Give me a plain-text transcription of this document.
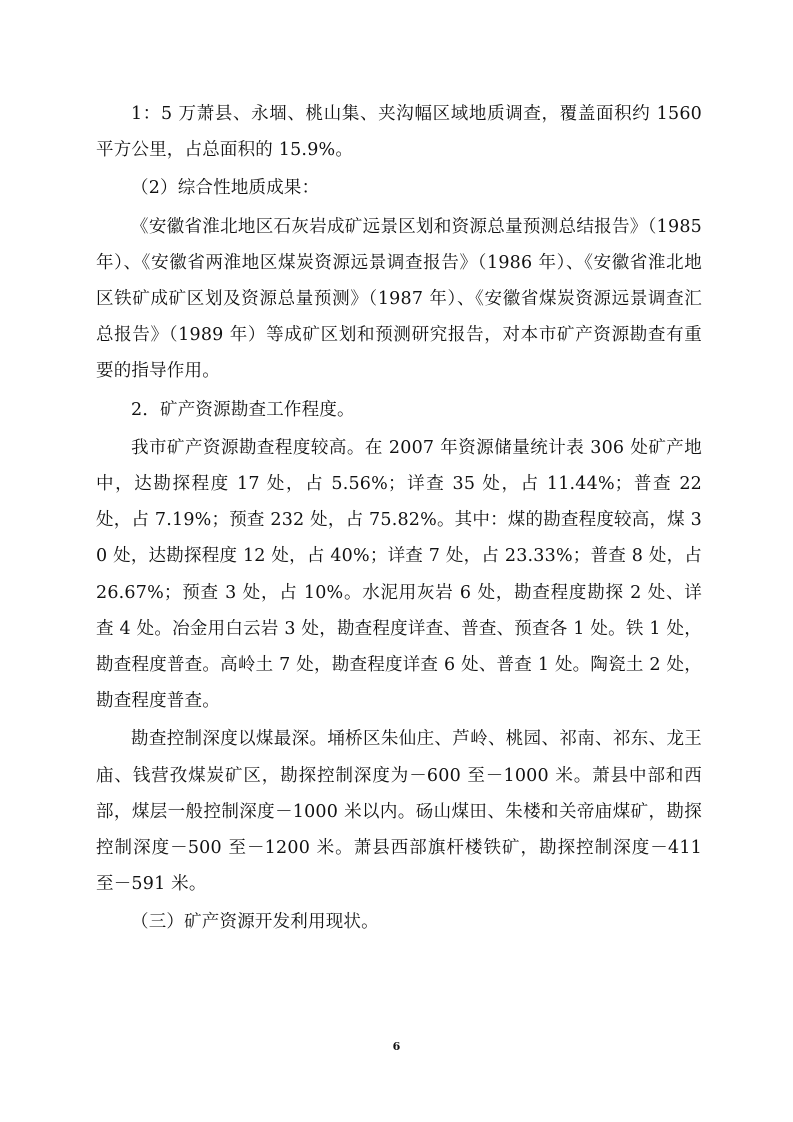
1：5 万萧县、永堌、桃山集、夹沟幅区域地质调查，覆盖面积约 1560 平方公里，占总面积的 15.9%。

（2）综合性地质成果：

《安徽省淮北地区石灰岩成矿远景区划和资源总量预测总结报告》（1985 年）、《安徽省两淮地区煤炭资源远景调查报告》（1986 年）、《安徽省淮北地区铁矿成矿区划及资源总量预测》（1987 年）、《安徽省煤炭资源远景调查汇总报告》（1989 年）等成矿区划和预测研究报告，对本市矿产资源勘查有重要的指导作用。

2．矿产资源勘查工作程度。

我市矿产资源勘查程度较高。在 2007 年资源储量统计表 306 处矿产地中，达勘探程度 17 处，占 5.56%；详查 35 处，占 11.44%；普查 22 处，占 7.19%；预查 232 处，占 75.82%。其中：煤的勘查程度较高，煤 30 处，达勘探程度 12 处，占 40%；详查 7 处，占 23.33%；普查 8 处，占 26.67%；预查 3 处，占 10%。水泥用灰岩 6 处，勘查程度勘探 2 处、详查 4 处。冶金用白云岩 3 处，勘查程度详查、普查、预查各 1 处。铁 1 处，勘查程度普查。高岭土 7 处，勘查程度详查 6 处、普查 1 处。陶瓷土 2 处，勘查程度普查。

勘查控制深度以煤最深。埇桥区朱仙庄、芦岭、桃园、祁南、祁东、龙王庙、钱营孜煤炭矿区，勘探控制深度为－600 至－1000 米。萧县中部和西部，煤层一般控制深度－1000 米以内。砀山煤田、朱楼和关帝庙煤矿，勘探控制深度－500 至－1200 米。萧县西部旗杆楼铁矿，勘探控制深度－411 至－591 米。

（三）矿产资源开发利用现状。

6
